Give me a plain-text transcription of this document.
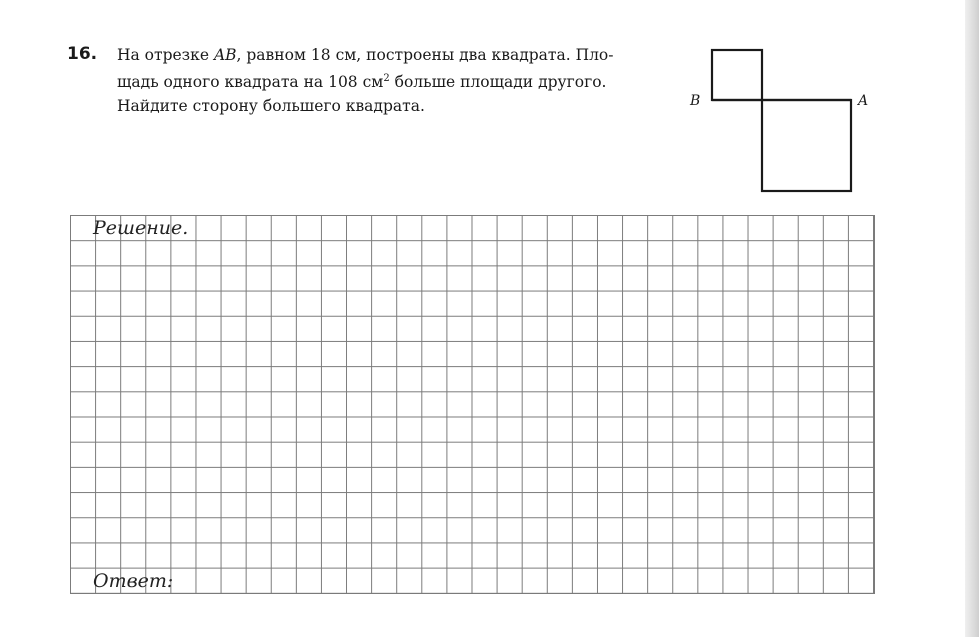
16. На отрезке AB, равном 18 см, построены два квадрата. Пло-
щадь одного квадрата на 108 $см^2$ больше площади другого.
Найдите сторону большего квадрата.	B	A
Решение.
Ответ:
